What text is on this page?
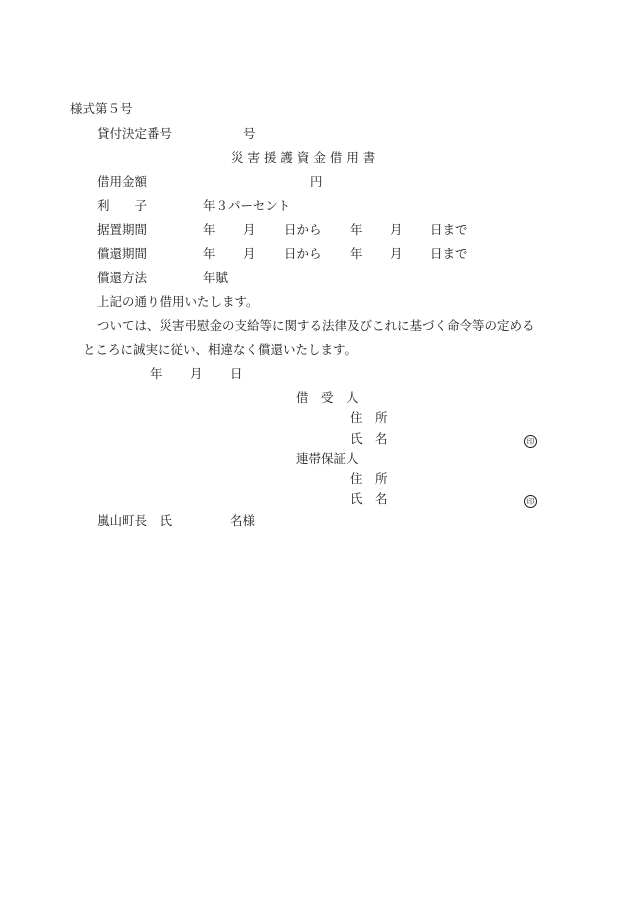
様式第５号
貸付決定番号	号
災 害 援 護 資 金 借 用 書
借用金額	円
利　　子	年３パーセント
据置期間	年 月 日から 年 月 日まで
償還期間	年 月 日から 年 月 日まで
償還方法	年賦
上記の通り借用いたします。
ついては、災害弔慰金の支給等に関する法律及びこれに基づく命令等の定める
ところに誠実に従い、相違なく償還いたします。
年 月 日
借　受　人
住　所
氏　名	印
連帯保証人
住　所
氏　名	印
嵐山町長　氏	名様
